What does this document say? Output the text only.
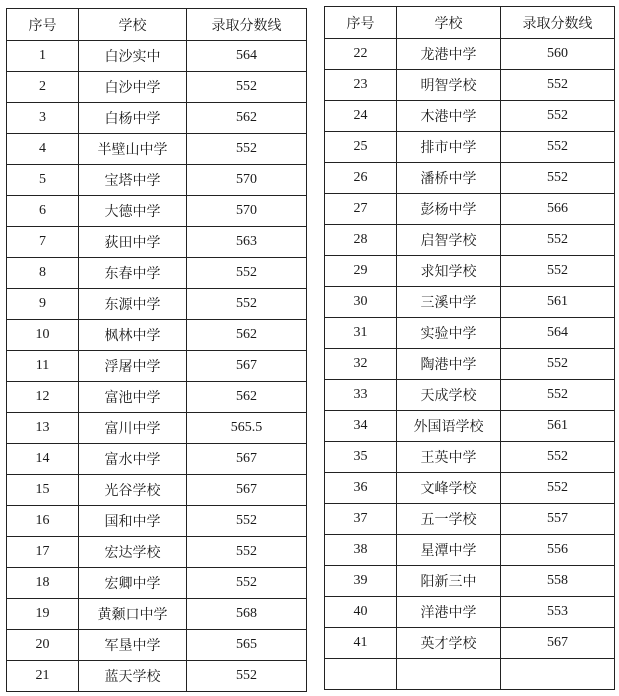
序号	学校	录取分数线
1	白沙实中	564
2	白沙中学	552
3	白杨中学	562
4	半壁山中学	552
5	宝塔中学	570
6	大德中学	570
7	荻田中学	563
8	东春中学	552
9	东源中学	552
10	枫林中学	562
11	浮屠中学	567
12	富池中学	562
13	富川中学	565.5
14	富水中学	567
15	光谷学校	567
16	国和中学	552
17	宏达学校	552
18	宏卿中学	552
19	黄颡口中学	568
20	军垦中学	565
21	蓝天学校	552
序号	学校	录取分数线
22	龙港中学	560
23	明智学校	552
24	木港中学	552
25	排市中学	552
26	潘桥中学	552
27	彭杨中学	566
28	启智学校	552
29	求知学校	552
30	三溪中学	561
31	实验中学	564
32	陶港中学	552
33	天成学校	552
34	外国语学校	561
35	王英中学	552
36	文峰学校	552
37	五一学校	557
38	星潭中学	556
39	阳新三中	558
40	洋港中学	553
41	英才学校	567
